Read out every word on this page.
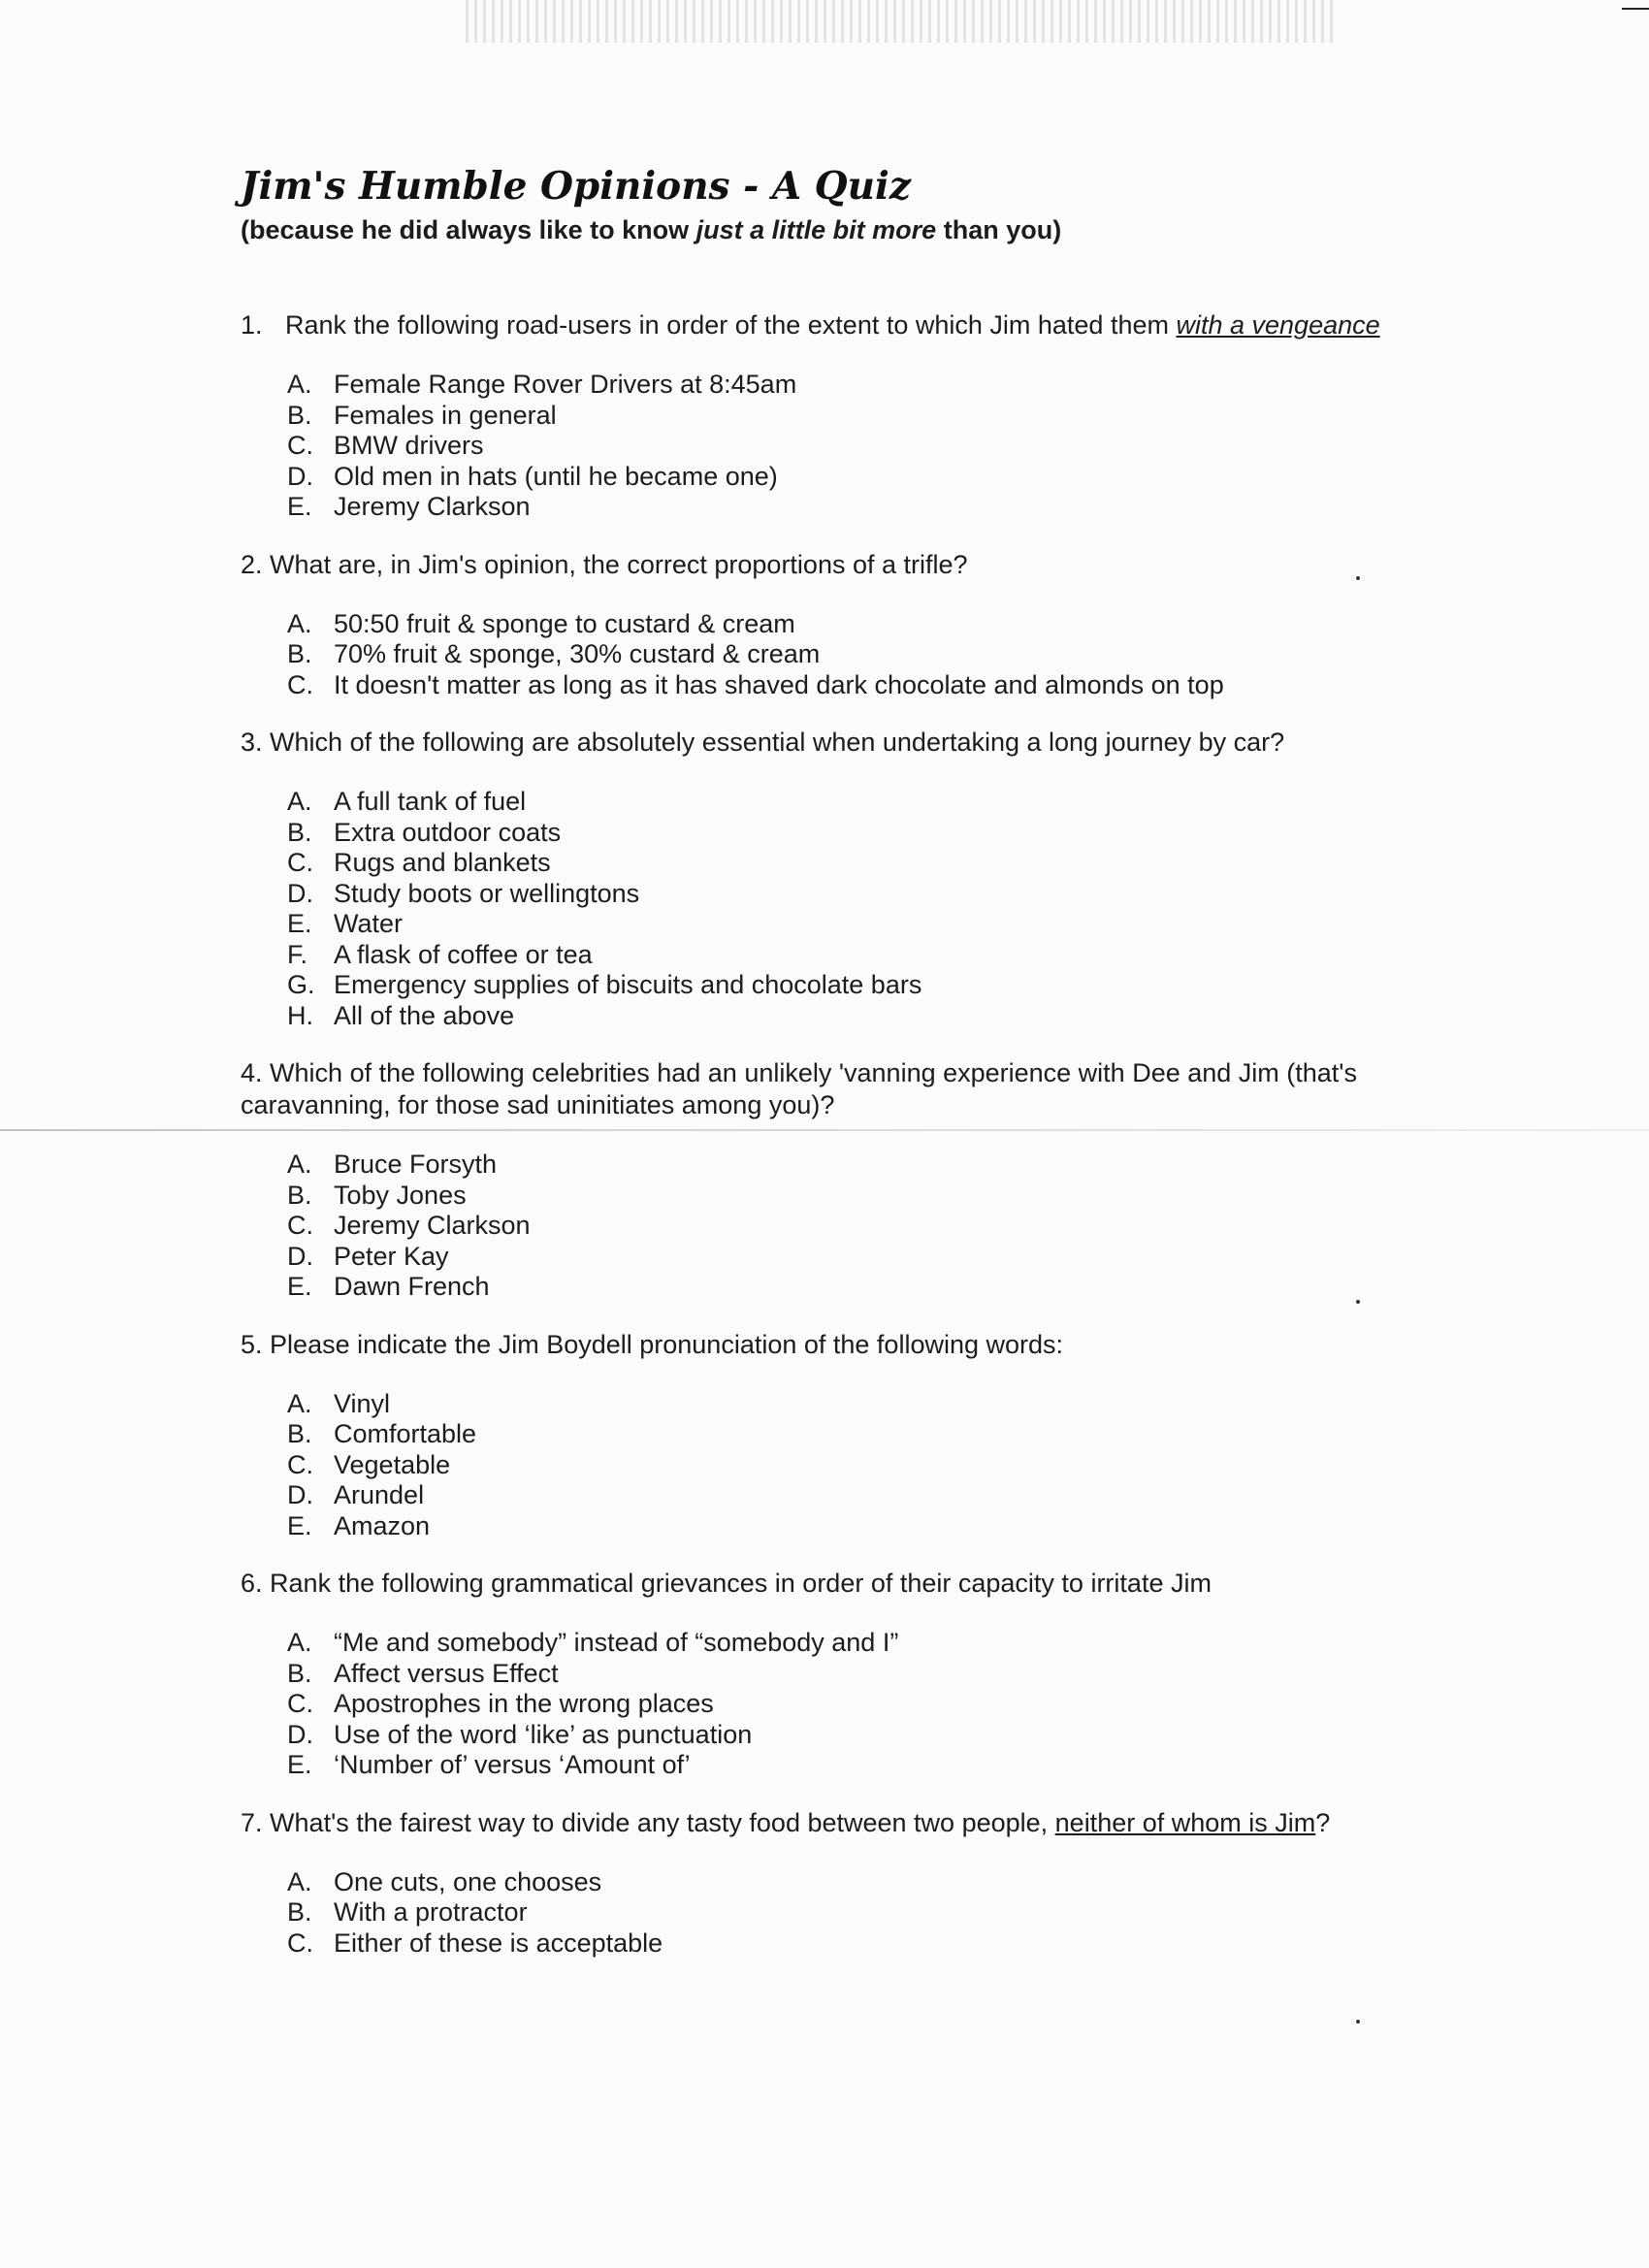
Jim's Humble Opinions - A Quiz

(because he did always like to know just a little bit more than you)

1. Rank the following road-users in order of the extent to which Jim hated them with a vengeance
A. Female Range Rover Drivers at 8:45am
B. Females in general
C. BMW drivers
D. Old men in hats (until he became one)
E. Jeremy Clarkson
2. What are, in Jim's opinion, the correct proportions of a trifle?
A. 50:50 fruit & sponge to custard & cream
B. 70% fruit & sponge, 30% custard & cream
C. It doesn't matter as long as it has shaved dark chocolate and almonds on top
3. Which of the following are absolutely essential when undertaking a long journey by car?
A. A full tank of fuel
B. Extra outdoor coats
C. Rugs and blankets
D. Study boots or wellingtons
E. Water
F. A flask of coffee or tea
G. Emergency supplies of biscuits and chocolate bars
H. All of the above
4. Which of the following celebrities had an unlikely 'vanning experience with Dee and Jim (that's caravanning, for those sad uninitiates among you)?
A. Bruce Forsyth
B. Toby Jones
C. Jeremy Clarkson
D. Peter Kay
E. Dawn French
5. Please indicate the Jim Boydell pronunciation of the following words:
A. Vinyl
B. Comfortable
C. Vegetable
D. Arundel
E. Amazon
6. Rank the following grammatical grievances in order of their capacity to irritate Jim
A. “Me and somebody” instead of “somebody and I”
B. Affect versus Effect
C. Apostrophes in the wrong places
D. Use of the word ‘like’ as punctuation
E. ‘Number of’ versus ‘Amount of’
7. What's the fairest way to divide any tasty food between two people, neither of whom is Jim?
A. One cuts, one chooses
B. With a protractor
C. Either of these is acceptable
